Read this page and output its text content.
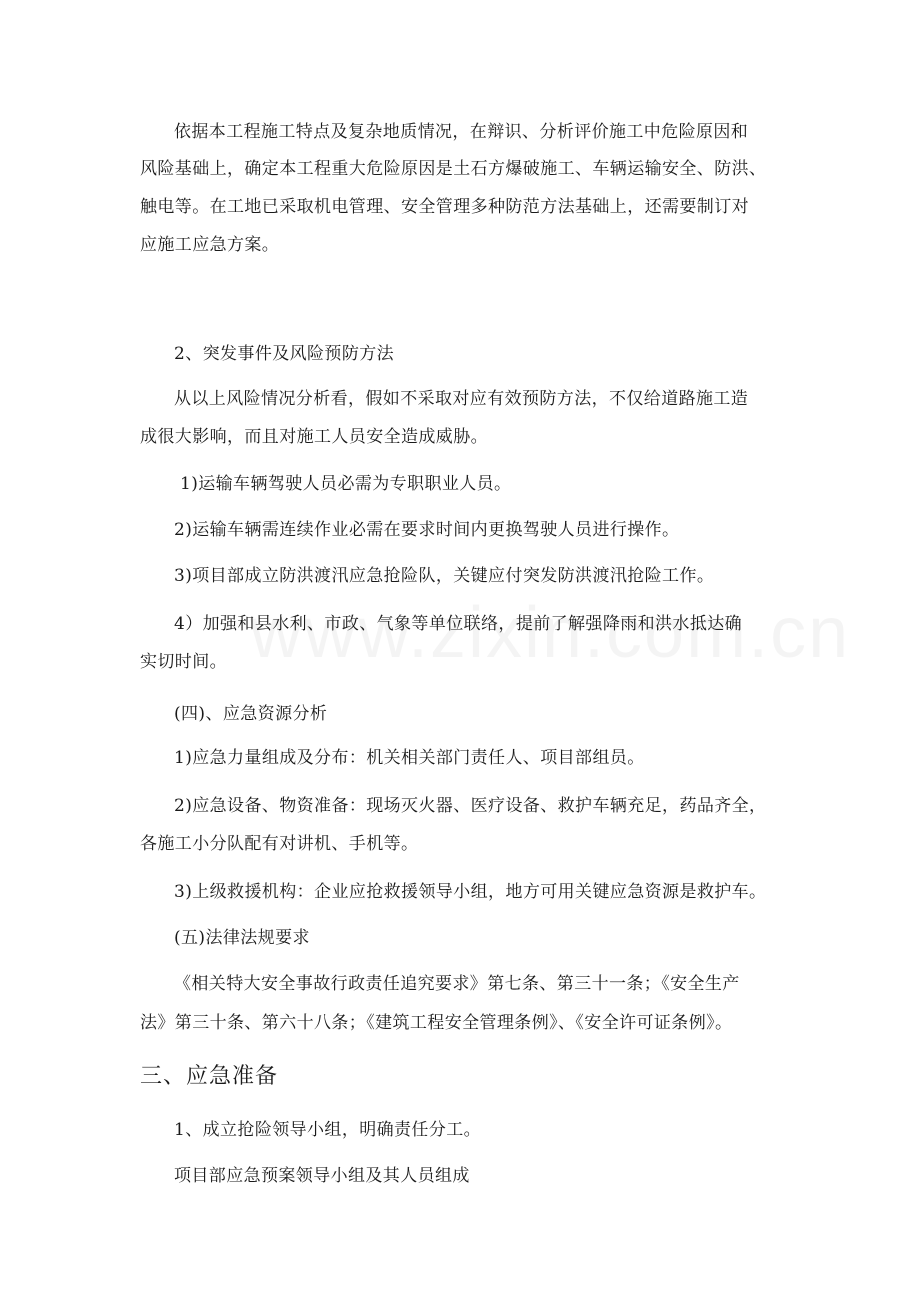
依据本工程施工特点及复杂地质情况，在辩识、分析评价施工中危险原因和
风险基础上，确定本工程重大危险原因是土石方爆破施工、车辆运输安全、防洪、
触电等。在工地已采取机电管理、安全管理多种防范方法基础上，还需要制订对
应施工应急方案。
2、突发事件及风险预防方法
从以上风险情况分析看，假如不采取对应有效预防方法，不仅给道路施工造
成很大影响，而且对施工人员安全造成威胁。
1)运输车辆驾驶人员必需为专职职业人员。
2)运输车辆需连续作业必需在要求时间内更换驾驶人员进行操作。
3)项目部成立防洪渡汛应急抢险队，关键应付突发防洪渡汛抢险工作。
4）加强和县水利、市政、气象等单位联络，提前了解强降雨和洪水抵达确
实切时间。
(四)、应急资源分析
1)应急力量组成及分布：机关相关部门责任人、项目部组员。
2)应急设备、物资准备：现场灭火器、医疗设备、救护车辆充足，药品齐全，
各施工小分队配有对讲机、手机等。
3)上级救援机构：企业应抢救援领导小组，地方可用关键应急资源是救护车。
(五)法律法规要求
《相关特大安全事故行政责任追究要求》第七条、第三十一条；《安全生产
法》第三十条、第六十八条；《建筑工程安全管理条例》、《安全许可证条例》。
三、应急准备
1、成立抢险领导小组，明确责任分工。
项目部应急预案领导小组及其人员组成
